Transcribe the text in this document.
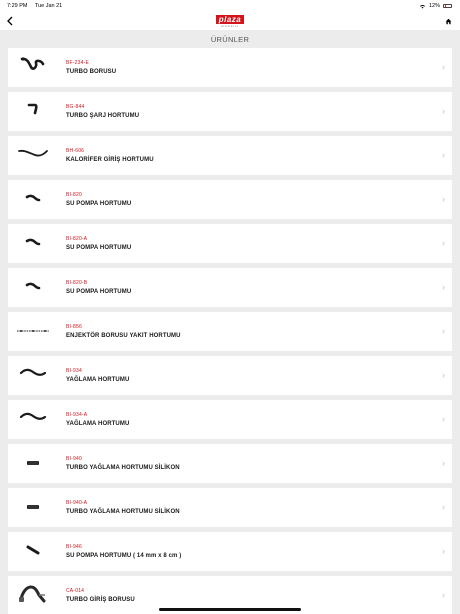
7:29 PM Tue Jan 21	12%
plaza
otomotiv
ÜRÜNLER
BF-234-E
TURBO BORUSU	›
BG-844
TURBO ŞARJ HORTUMU	›
BH-606
KALORİFER GİRİŞ HORTUMU	›
BI-820
SU POMPA HORTUMU	›
BI-820-A
SU POMPA HORTUMU	›
BI-820-B
SU POMPA HORTUMU	›
BI-856
ENJEKTÖR BORUSU YAKIT HORTUMU	›
BI-934
YAĞLAMA HORTUMU	›
BI-934-A
YAĞLAMA HORTUMU	›
BI-940
TURBO YAĞLAMA HORTUMU SİLİKON	›
BI-940-A
TURBO YAĞLAMA HORTUMU SİLİKON	›
BI-946
SU POMPA HORTUMU ( 14 mm x 8 cm )	›
CA-014
TURBO GİRİŞ BORUSU	›
